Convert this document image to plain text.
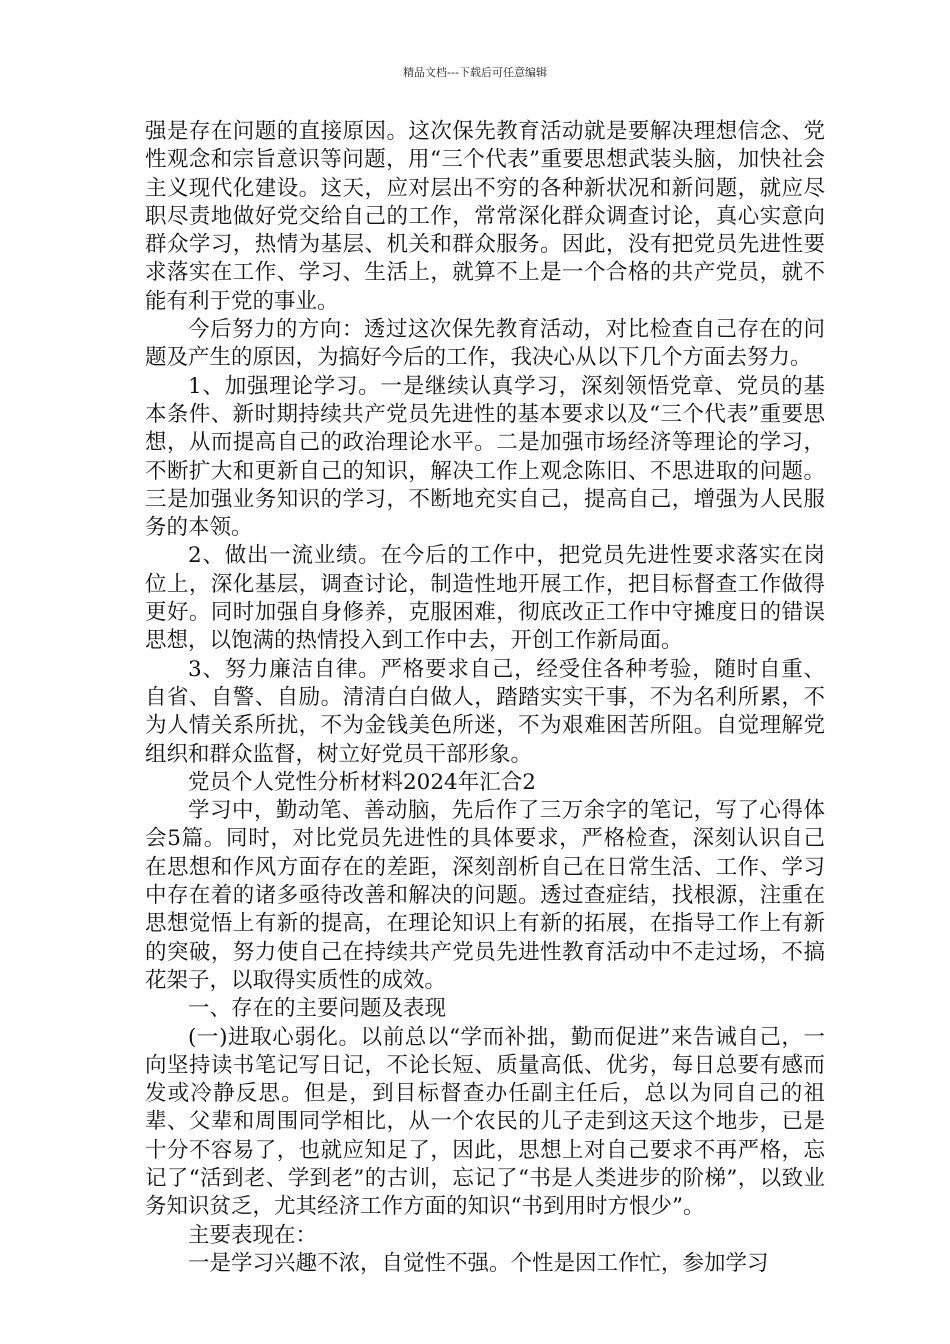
精品文档---下载后可任意编辑

强是存在问题的直接原因。这次保先教育活动就是要解决理想信念、党性观念和宗旨意识等问题，用“三个代表”重要思想武装头脑，加快社会主义现代化建设。这天，应对层出不穷的各种新状况和新问题，就应尽职尽责地做好党交给自己的工作，常常深化群众调查讨论，真心实意向群众学习，热情为基层、机关和群众服务。因此，没有把党员先进性要求落实在工作、学习、生活上，就算不上是一个合格的共产党员，就不能有利于党的事业。

今后努力的方向：透过这次保先教育活动，对比检查自己存在的问题及产生的原因，为搞好今后的工作，我决心从以下几个方面去努力。

1、加强理论学习。一是继续认真学习，深刻领悟党章、党员的基本条件、新时期持续共产党员先进性的基本要求以及“三个代表”重要思想，从而提高自己的政治理论水平。二是加强市场经济等理论的学习，不断扩大和更新自己的知识，解决工作上观念陈旧、不思进取的问题。三是加强业务知识的学习，不断地充实自己，提高自己，增强为人民服务的本领。

2、做出一流业绩。在今后的工作中，把党员先进性要求落实在岗位上，深化基层，调查讨论，制造性地开展工作，把目标督查工作做得更好。同时加强自身修养，克服困难，彻底改正工作中守摊度日的错误思想，以饱满的热情投入到工作中去，开创工作新局面。

3、努力廉洁自律。严格要求自己，经受住各种考验，随时自重、自省、自警、自励。清清白白做人，踏踏实实干事，不为名利所累，不为人情关系所扰，不为金钱美色所迷，不为艰难困苦所阻。自觉理解党组织和群众监督，树立好党员干部形象。

党员个人党性分析材料2024年汇合2

学习中，勤动笔、善动脑，先后作了三万余字的笔记，写了心得体会5篇。同时，对比党员先进性的具体要求，严格检查，深刻认识自己在思想和作风方面存在的差距，深刻剖析自己在日常生活、工作、学习中存在着的诸多亟待改善和解决的问题。透过查症结，找根源，注重在思想觉悟上有新的提高，在理论知识上有新的拓展，在指导工作上有新的突破，努力使自己在持续共产党员先进性教育活动中不走过场，不搞花架子，以取得实质性的成效。

一、存在的主要问题及表现

(一)进取心弱化。以前总以“学而补拙，勤而促进”来告诫自己，一向坚持读书笔记写日记，不论长短、质量高低、优劣，每日总要有感而发或冷静反思。但是，到目标督查办任副主任后，总以为同自己的祖辈、父辈和周围同学相比，从一个农民的儿子走到这天这个地步，已是十分不容易了，也就应知足了，因此，思想上对自己要求不再严格，忘记了“活到老、学到老”的古训，忘记了“书是人类进步的阶梯”，以致业务知识贫乏，尤其经济工作方面的知识“书到用时方恨少”。

主要表现在：

一是学习兴趣不浓，自觉性不强。个性是因工作忙，参加学习
